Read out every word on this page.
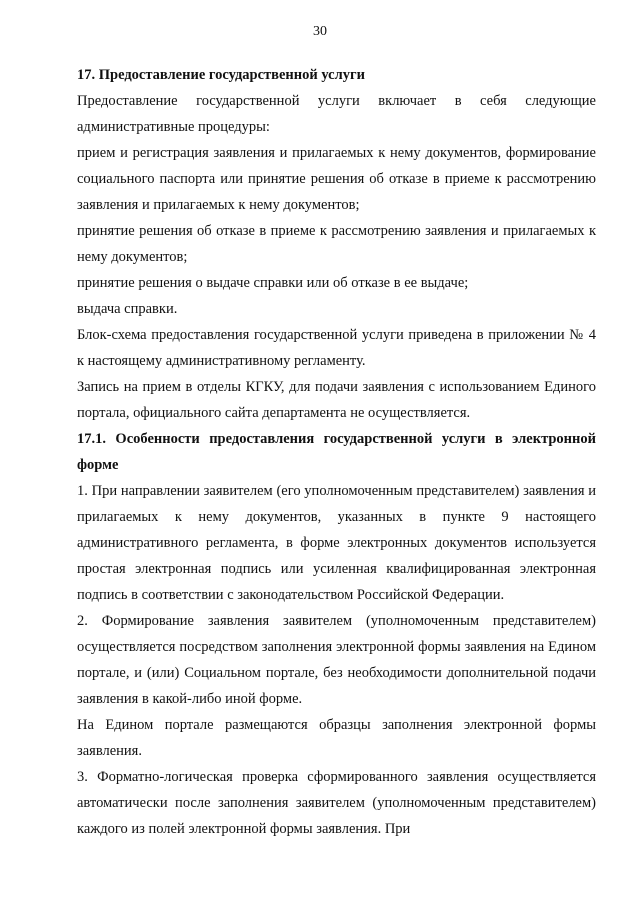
30

17. Предоставление государственной услуги

Предоставление государственной услуги включает в себя следующие административные процедуры:

прием и регистрация заявления и прилагаемых к нему документов, формирование социального паспорта или принятие решения об отказе в приеме к рассмотрению заявления и прилагаемых к нему документов;

принятие решения об отказе в приеме к рассмотрению заявления и прилагаемых к нему документов;

принятие решения о выдаче справки или об отказе в ее выдаче;

выдача справки.

Блок-схема предоставления государственной услуги приведена в приложении № 4 к настоящему административному регламенту.

Запись на прием в отделы КГКУ, для подачи заявления с использованием Единого портала, официального сайта департамента не осуществляется.

17.1. Особенности предоставления государственной услуги в электронной форме

1. При направлении заявителем (его уполномоченным представителем) заявления и прилагаемых к нему документов, указанных в пункте 9 настоящего административного регламента, в форме электронных документов используется простая электронная подпись или усиленная квалифицированная электронная подпись в соответствии с законодательством Российской Федерации.

2. Формирование заявления заявителем (уполномоченным представителем) осуществляется посредством заполнения электронной формы заявления на Едином портале, и (или) Социальном портале, без необходимости дополнительной подачи заявления в какой-либо иной форме.

На Едином портале размещаются образцы заполнения электронной формы заявления.

3. Форматно-логическая проверка сформированного заявления осуществляется автоматически после заполнения заявителем (уполномоченным представителем) каждого из полей электронной формы заявления. При
